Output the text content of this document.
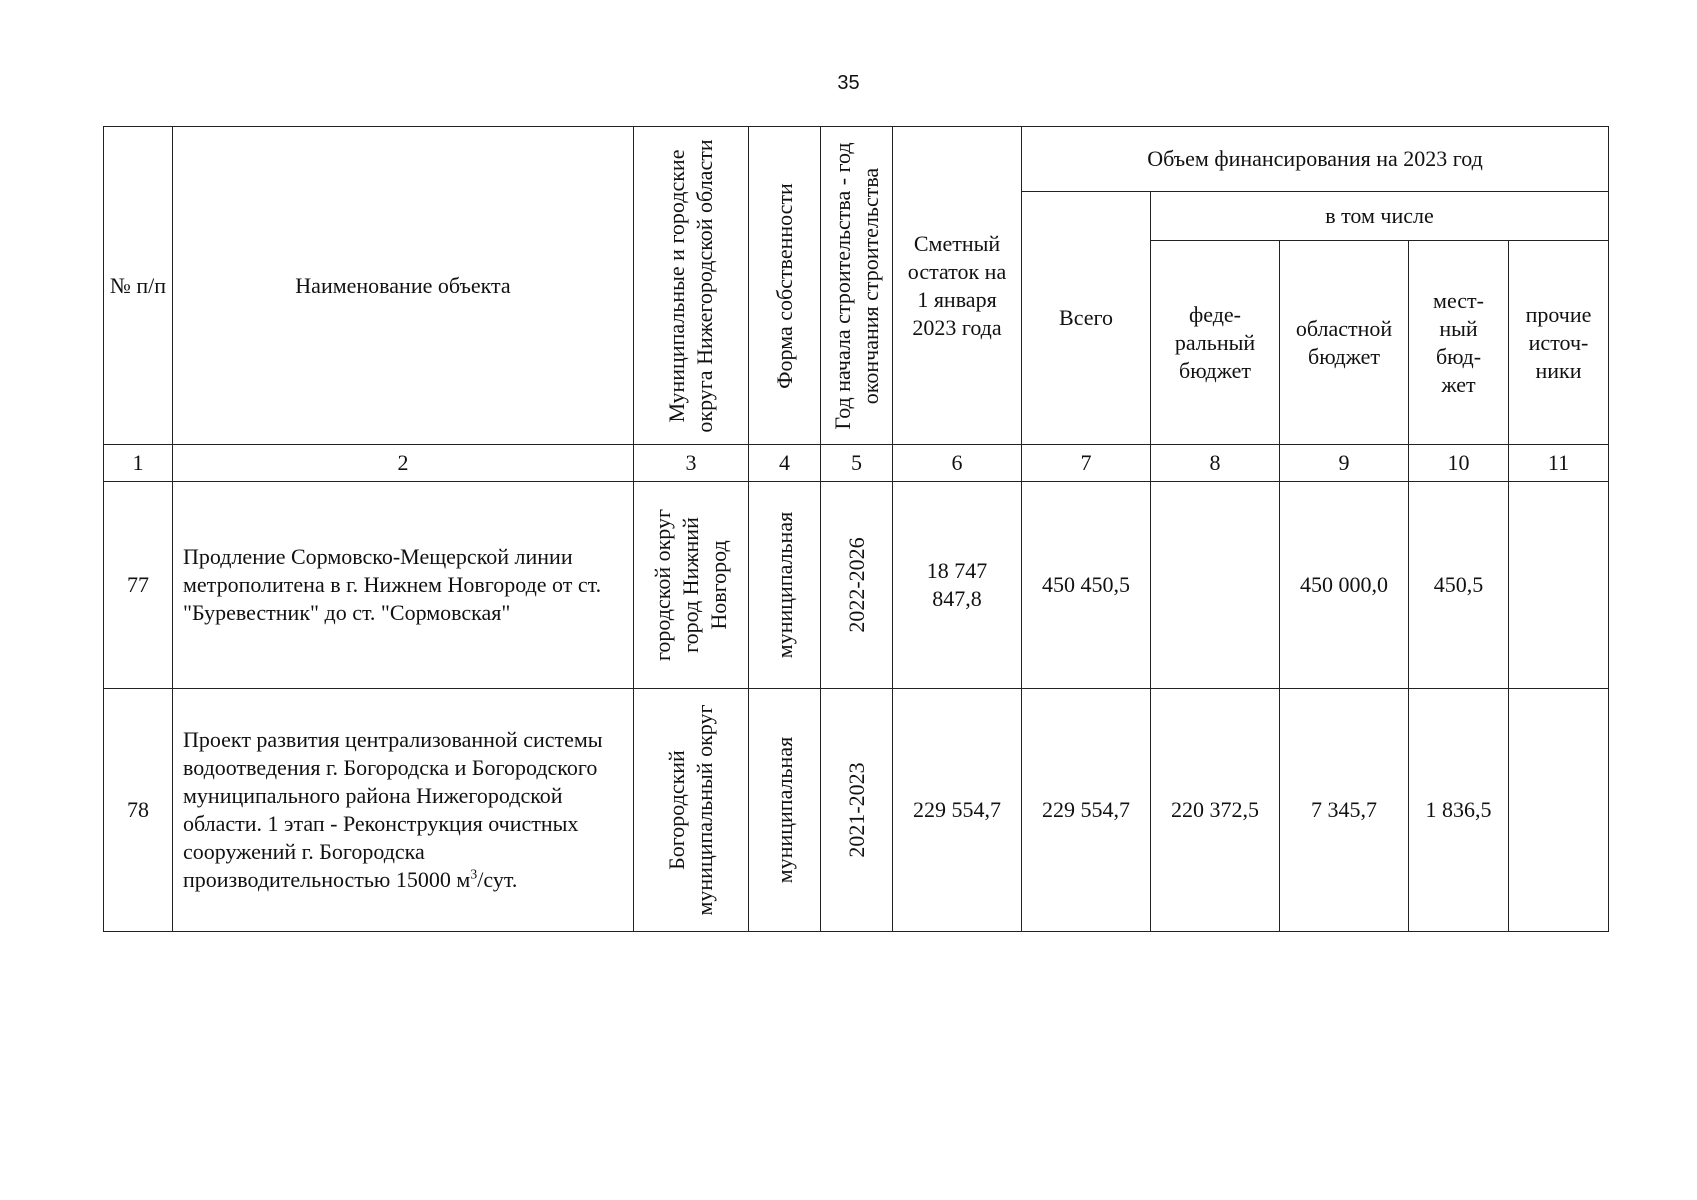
35
№ п/п	Наименование объекта	Муниципальные и городские округа Нижегородской области	Форма собственности	Год начала строительства - год окончания строительства	Сметный остаток на 1 января 2023 года	Объем финансирования на 2023 год				
						Всего	в том числе			

							феде-ральный бюджет	областной бюджет	мест-ный бюд-жет	прочие источ-ники

1	2	3	4	5	6	7	8	9	10	11
77	Продление Сормовско-Мещерской линии метрополитена в г. Нижнем Новгороде от ст. "Буревестник" до ст. "Сормовская"	городской округ город Нижний Новгород	муниципальная	2022-2026	18 747 847,8	450 450,5		450 000,0	450,5	
78	Проект развития централизованной системы водоотведения г. Богородска и Богородского муниципального района Нижегородской области. 1 этап - Реконструкция очистных сооружений г. Богородска производительностью 15000 $м^3$/сут.	Богородский муниципальный округ	муниципальная	2021-2023	229 554,7	229 554,7	220 372,5	7 345,7	1 836,5	
